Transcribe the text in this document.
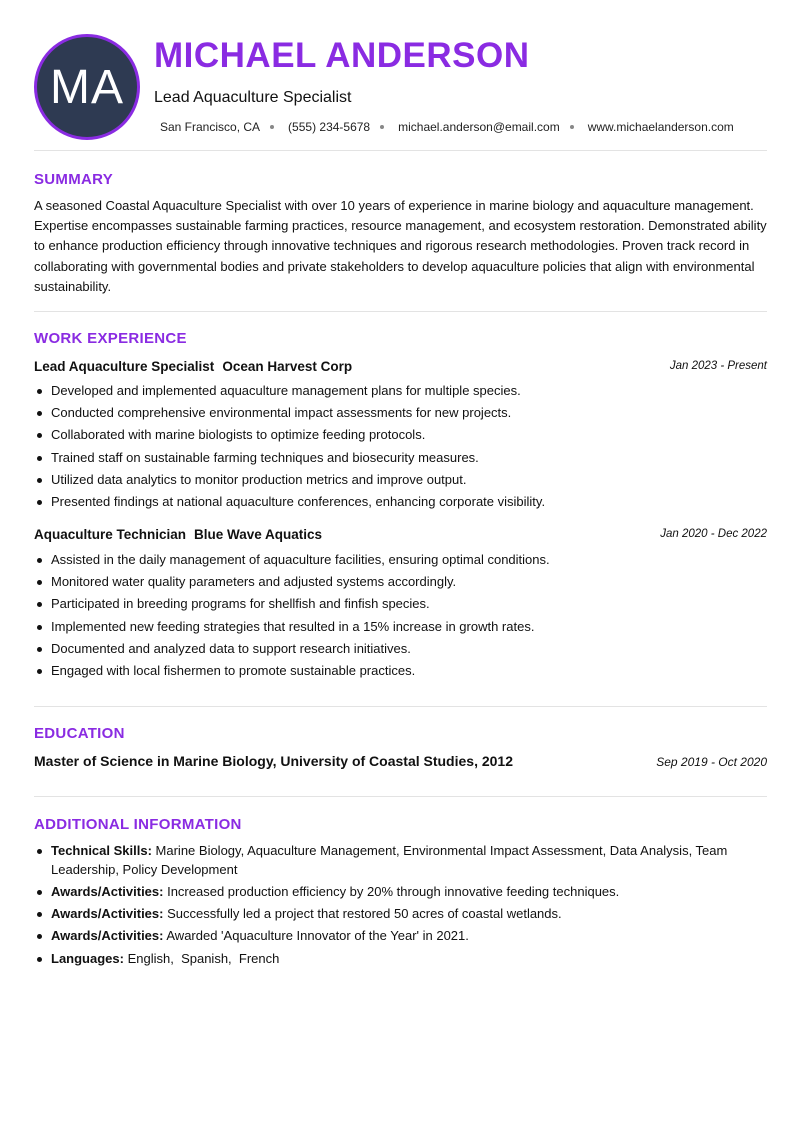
MA
MICHAEL ANDERSON
Lead Aquaculture Specialist
San Francisco, CA (555) 234-5678 michael.anderson@email.com www.michaelanderson.com
SUMMARY
A seasoned Coastal Aquaculture Specialist with over 10 years of experience in marine biology and aquaculture management. Expertise encompasses sustainable farming practices, resource management, and ecosystem restoration. Demonstrated ability to enhance production efficiency through innovative techniques and rigorous research methodologies. Proven track record in collaborating with governmental bodies and private stakeholders to develop aquaculture policies that align with environmental sustainability.
WORK EXPERIENCE
Lead Aquaculture Specialist Ocean Harvest Corp	Jan 2023 - Present
Developed and implemented aquaculture management plans for multiple species.
Conducted comprehensive environmental impact assessments for new projects.
Collaborated with marine biologists to optimize feeding protocols.
Trained staff on sustainable farming techniques and biosecurity measures.
Utilized data analytics to monitor production metrics and improve output.
Presented findings at national aquaculture conferences, enhancing corporate visibility.
Aquaculture Technician Blue Wave Aquatics	Jan 2020 - Dec 2022
Assisted in the daily management of aquaculture facilities, ensuring optimal conditions.
Monitored water quality parameters and adjusted systems accordingly.
Participated in breeding programs for shellfish and finfish species.
Implemented new feeding strategies that resulted in a 15% increase in growth rates.
Documented and analyzed data to support research initiatives.
Engaged with local fishermen to promote sustainable practices.
EDUCATION
Master of Science in Marine Biology, University of Coastal Studies, 2012	Sep 2019 - Oct 2020
ADDITIONAL INFORMATION
Technical Skills: Marine Biology, Aquaculture Management, Environmental Impact Assessment, Data Analysis, Team Leadership, Policy Development
Awards/Activities: Increased production efficiency by 20% through innovative feeding techniques.
Awards/Activities: Successfully led a project that restored 50 acres of coastal wetlands.
Awards/Activities: Awarded 'Aquaculture Innovator of the Year' in 2021.
Languages: English,  Spanish,  French
